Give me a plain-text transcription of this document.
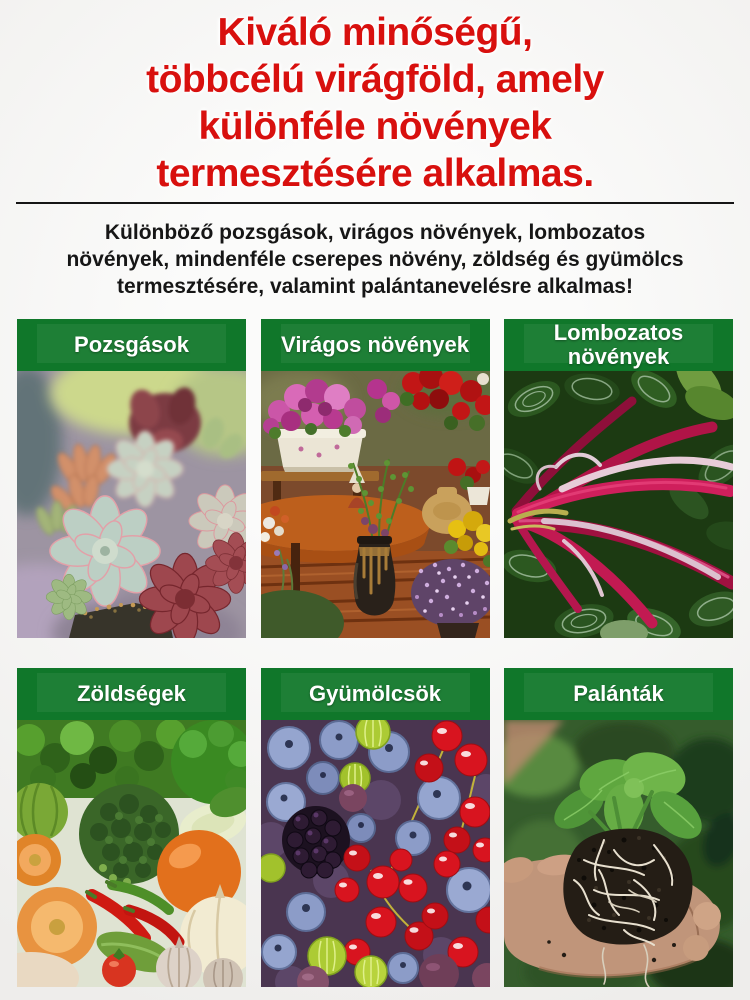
Kiváló minőségű,
többcélú virágföld, amely
különféle növények
termesztésére alkalmas.
Különböző pozsgások, virágos növények, lombozatos
növények, mindenféle cserepes növény, zöldség és gyümölcs
termesztésére, valamint palántanevelésre alkalmas!
Pozsgások	Virágos növények	Lombozatos
növények
Zöldségek	Gyümölcsök	Palánták
